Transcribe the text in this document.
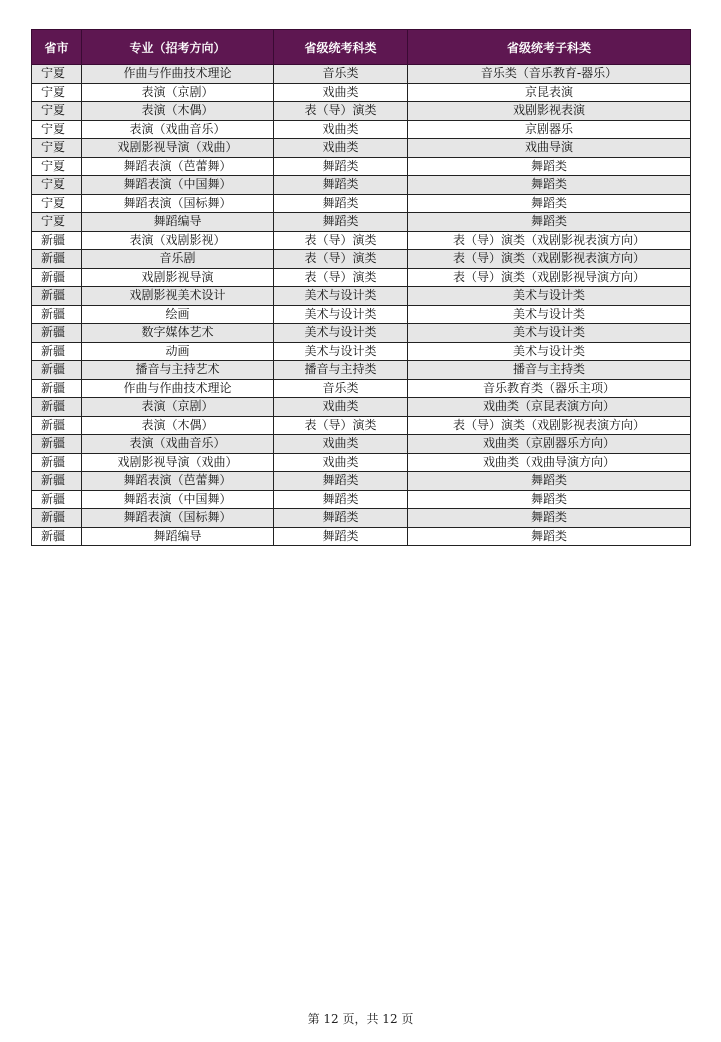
省市	专业（招考方向）	省级统考科类	省级统考子科类
宁夏	作曲与作曲技术理论	音乐类	音乐类（音乐教育-器乐）
宁夏	表演（京剧）	戏曲类	京昆表演
宁夏	表演（木偶）	表（导）演类	戏剧影视表演
宁夏	表演（戏曲音乐）	戏曲类	京剧器乐
宁夏	戏剧影视导演（戏曲）	戏曲类	戏曲导演
宁夏	舞蹈表演（芭蕾舞）	舞蹈类	舞蹈类
宁夏	舞蹈表演（中国舞）	舞蹈类	舞蹈类
宁夏	舞蹈表演（国标舞）	舞蹈类	舞蹈类
宁夏	舞蹈编导	舞蹈类	舞蹈类
新疆	表演（戏剧影视）	表（导）演类	表（导）演类（戏剧影视表演方向）
新疆	音乐剧	表（导）演类	表（导）演类（戏剧影视表演方向）
新疆	戏剧影视导演	表（导）演类	表（导）演类（戏剧影视导演方向）
新疆	戏剧影视美术设计	美术与设计类	美术与设计类
新疆	绘画	美术与设计类	美术与设计类
新疆	数字媒体艺术	美术与设计类	美术与设计类
新疆	动画	美术与设计类	美术与设计类
新疆	播音与主持艺术	播音与主持类	播音与主持类
新疆	作曲与作曲技术理论	音乐类	音乐教育类（器乐主项）
新疆	表演（京剧）	戏曲类	戏曲类（京昆表演方向）
新疆	表演（木偶）	表（导）演类	表（导）演类（戏剧影视表演方向）
新疆	表演（戏曲音乐）	戏曲类	戏曲类（京剧器乐方向）
新疆	戏剧影视导演（戏曲）	戏曲类	戏曲类（戏曲导演方向）
新疆	舞蹈表演（芭蕾舞）	舞蹈类	舞蹈类
新疆	舞蹈表演（中国舞）	舞蹈类	舞蹈类
新疆	舞蹈表演（国标舞）	舞蹈类	舞蹈类
新疆	舞蹈编导	舞蹈类	舞蹈类
第 12 页，共 12 页
